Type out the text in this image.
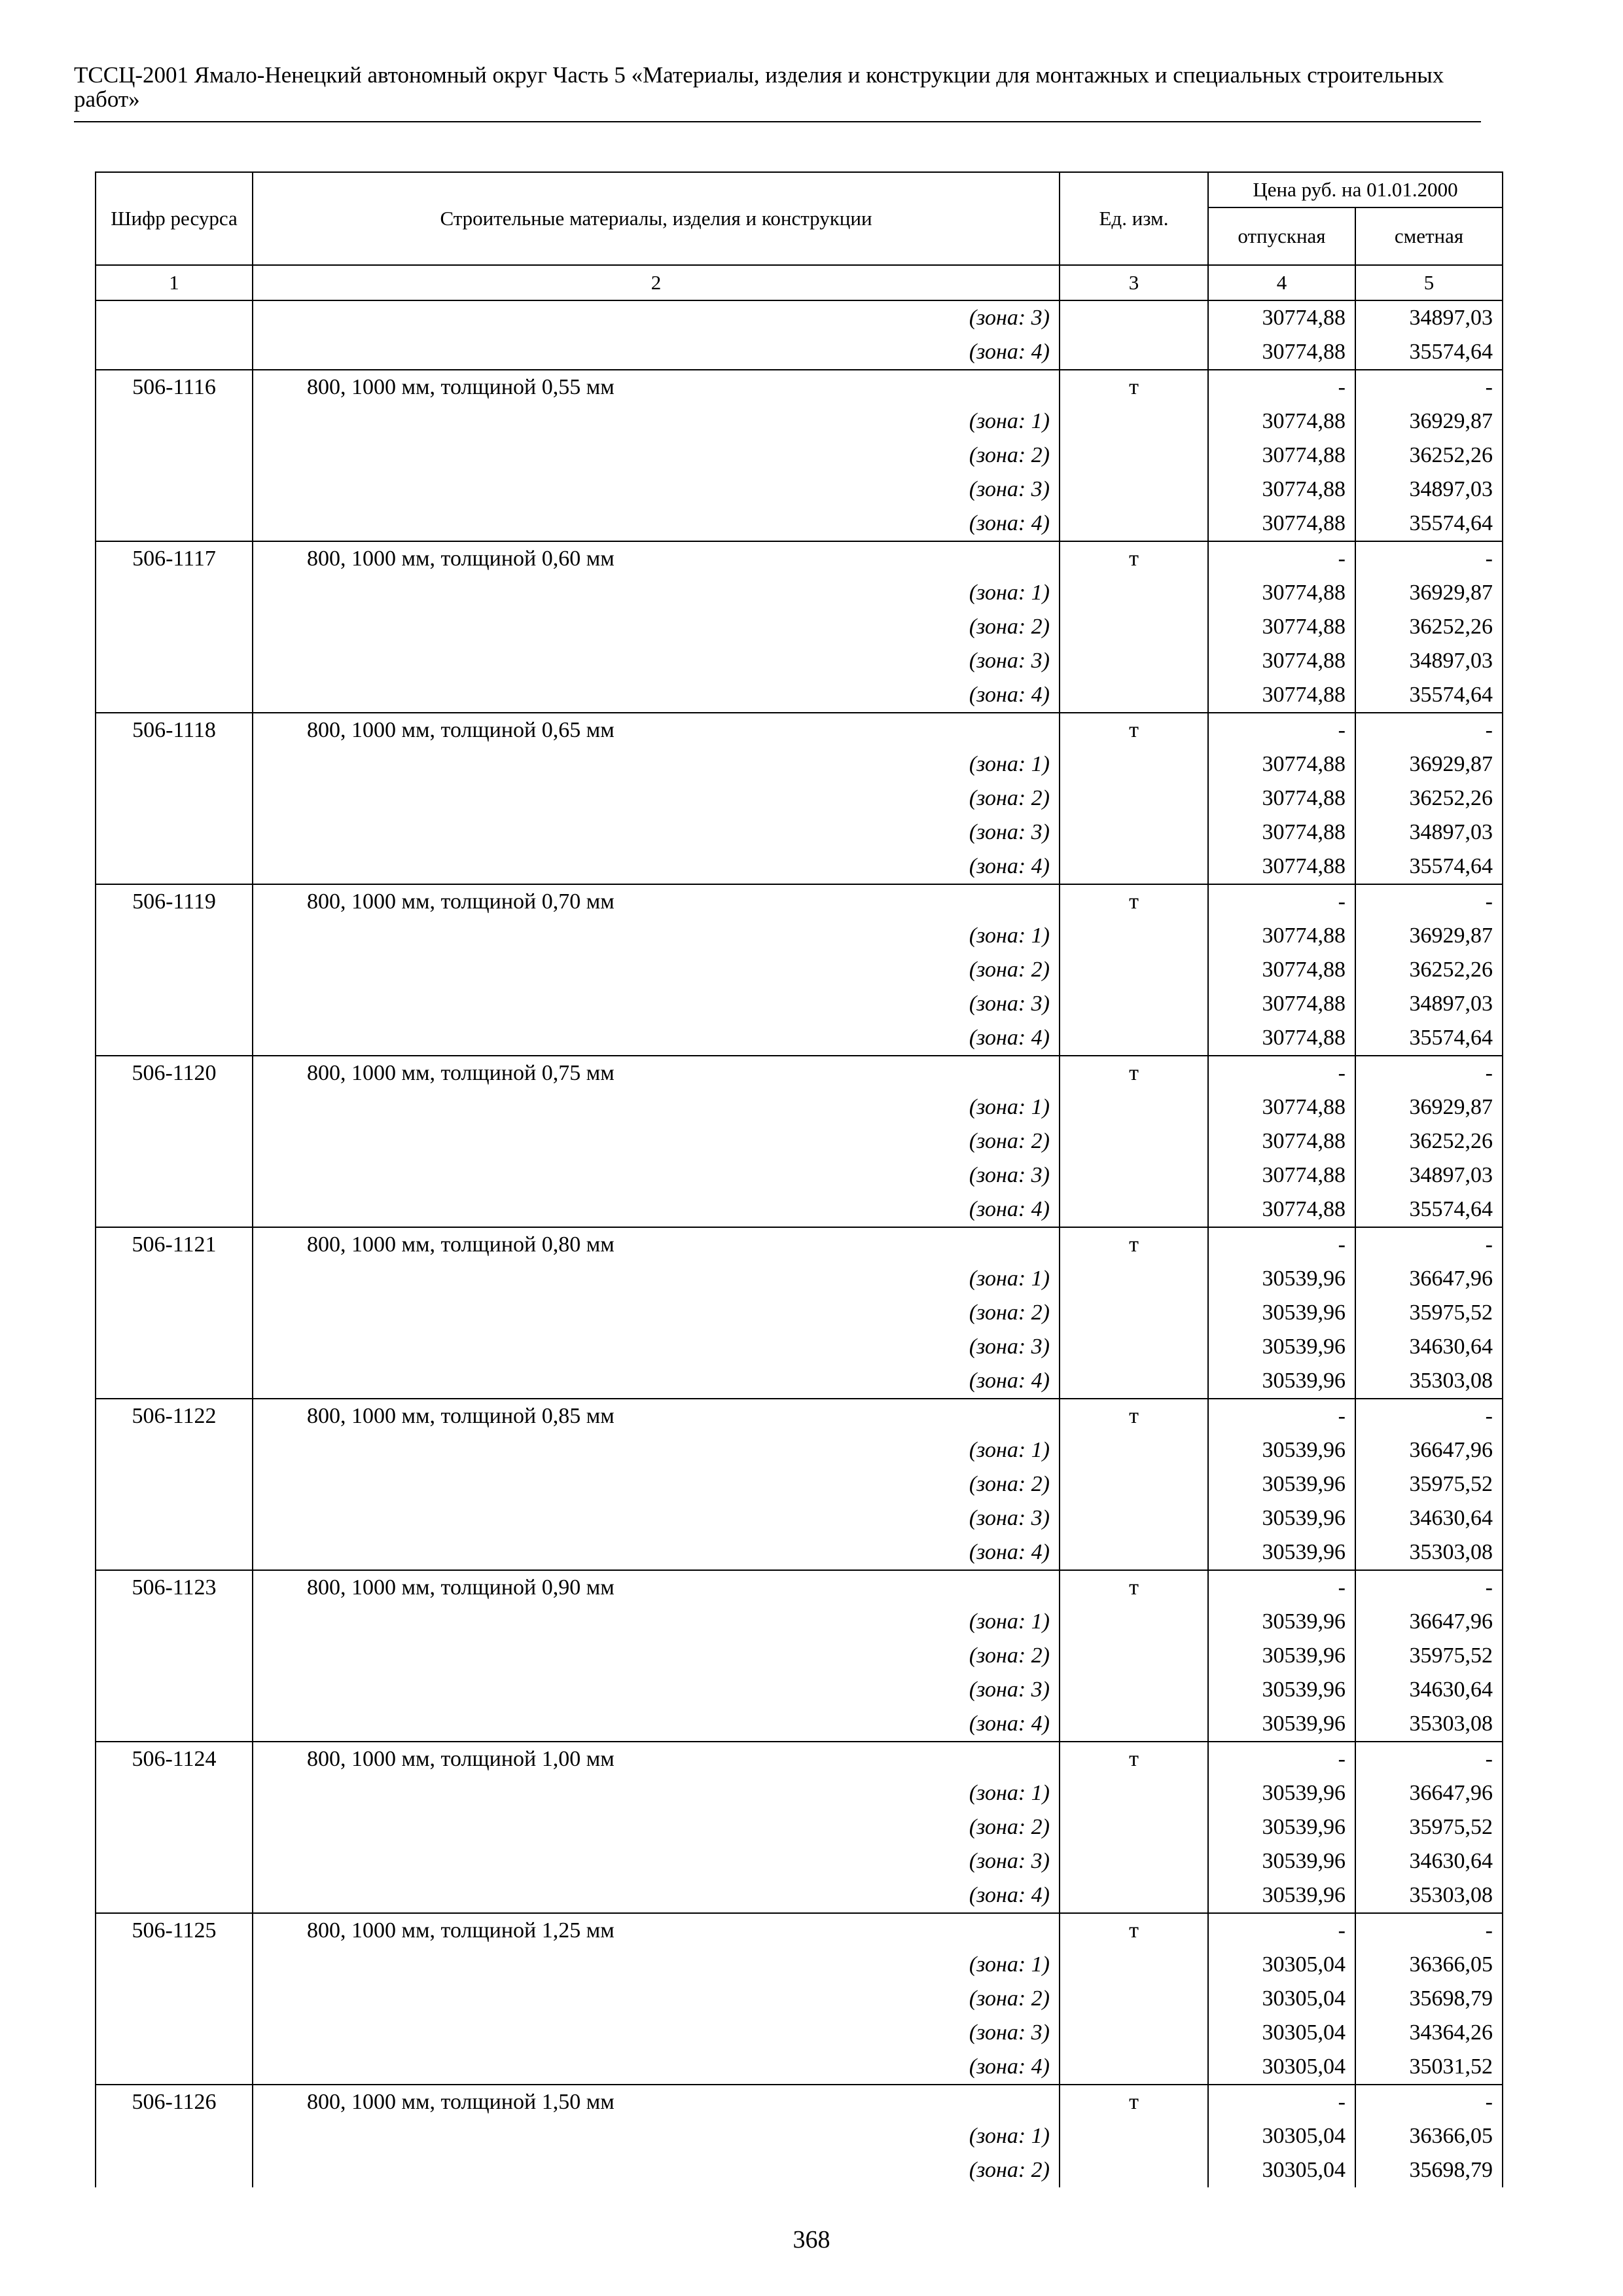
ТССЦ-2001 Ямало-Ненецкий автономный округ Часть 5 «Материалы, изделия и конструкции для монтажных и специальных строительных работ»
Шифр ресурса	Строительные материалы, изделия и конструкции	Ед. изм.	Цена руб. на 01.01.2000	
			отпускная	сметная
1	2	3	4	5
	(зона: 3)		30774,88	34897,03
	(зона: 4)		30774,88	35574,64
506-1116	800, 1000 мм, толщиной 0,55 мм	т	-	-
	(зона: 1)		30774,88	36929,87
	(зона: 2)		30774,88	36252,26
	(зона: 3)		30774,88	34897,03
	(зона: 4)		30774,88	35574,64
506-1117	800, 1000 мм, толщиной 0,60 мм	т	-	-
	(зона: 1)		30774,88	36929,87
	(зона: 2)		30774,88	36252,26
	(зона: 3)		30774,88	34897,03
	(зона: 4)		30774,88	35574,64
506-1118	800, 1000 мм, толщиной 0,65 мм	т	-	-
	(зона: 1)		30774,88	36929,87
	(зона: 2)		30774,88	36252,26
	(зона: 3)		30774,88	34897,03
	(зона: 4)		30774,88	35574,64
506-1119	800, 1000 мм, толщиной 0,70 мм	т	-	-
	(зона: 1)		30774,88	36929,87
	(зона: 2)		30774,88	36252,26
	(зона: 3)		30774,88	34897,03
	(зона: 4)		30774,88	35574,64
506-1120	800, 1000 мм, толщиной 0,75 мм	т	-	-
	(зона: 1)		30774,88	36929,87
	(зона: 2)		30774,88	36252,26
	(зона: 3)		30774,88	34897,03
	(зона: 4)		30774,88	35574,64
506-1121	800, 1000 мм, толщиной 0,80 мм	т	-	-
	(зона: 1)		30539,96	36647,96
	(зона: 2)		30539,96	35975,52
	(зона: 3)		30539,96	34630,64
	(зона: 4)		30539,96	35303,08
506-1122	800, 1000 мм, толщиной 0,85 мм	т	-	-
	(зона: 1)		30539,96	36647,96
	(зона: 2)		30539,96	35975,52
	(зона: 3)		30539,96	34630,64
	(зона: 4)		30539,96	35303,08
506-1123	800, 1000 мм, толщиной 0,90 мм	т	-	-
	(зона: 1)		30539,96	36647,96
	(зона: 2)		30539,96	35975,52
	(зона: 3)		30539,96	34630,64
	(зона: 4)		30539,96	35303,08
506-1124	800, 1000 мм, толщиной 1,00 мм	т	-	-
	(зона: 1)		30539,96	36647,96
	(зона: 2)		30539,96	35975,52
	(зона: 3)		30539,96	34630,64
	(зона: 4)		30539,96	35303,08
506-1125	800, 1000 мм, толщиной 1,25 мм	т	-	-
	(зона: 1)		30305,04	36366,05
	(зона: 2)		30305,04	35698,79
	(зона: 3)		30305,04	34364,26
	(зона: 4)		30305,04	35031,52
506-1126	800, 1000 мм, толщиной 1,50 мм	т	-	-
	(зона: 1)		30305,04	36366,05
	(зона: 2)		30305,04	35698,79
368
